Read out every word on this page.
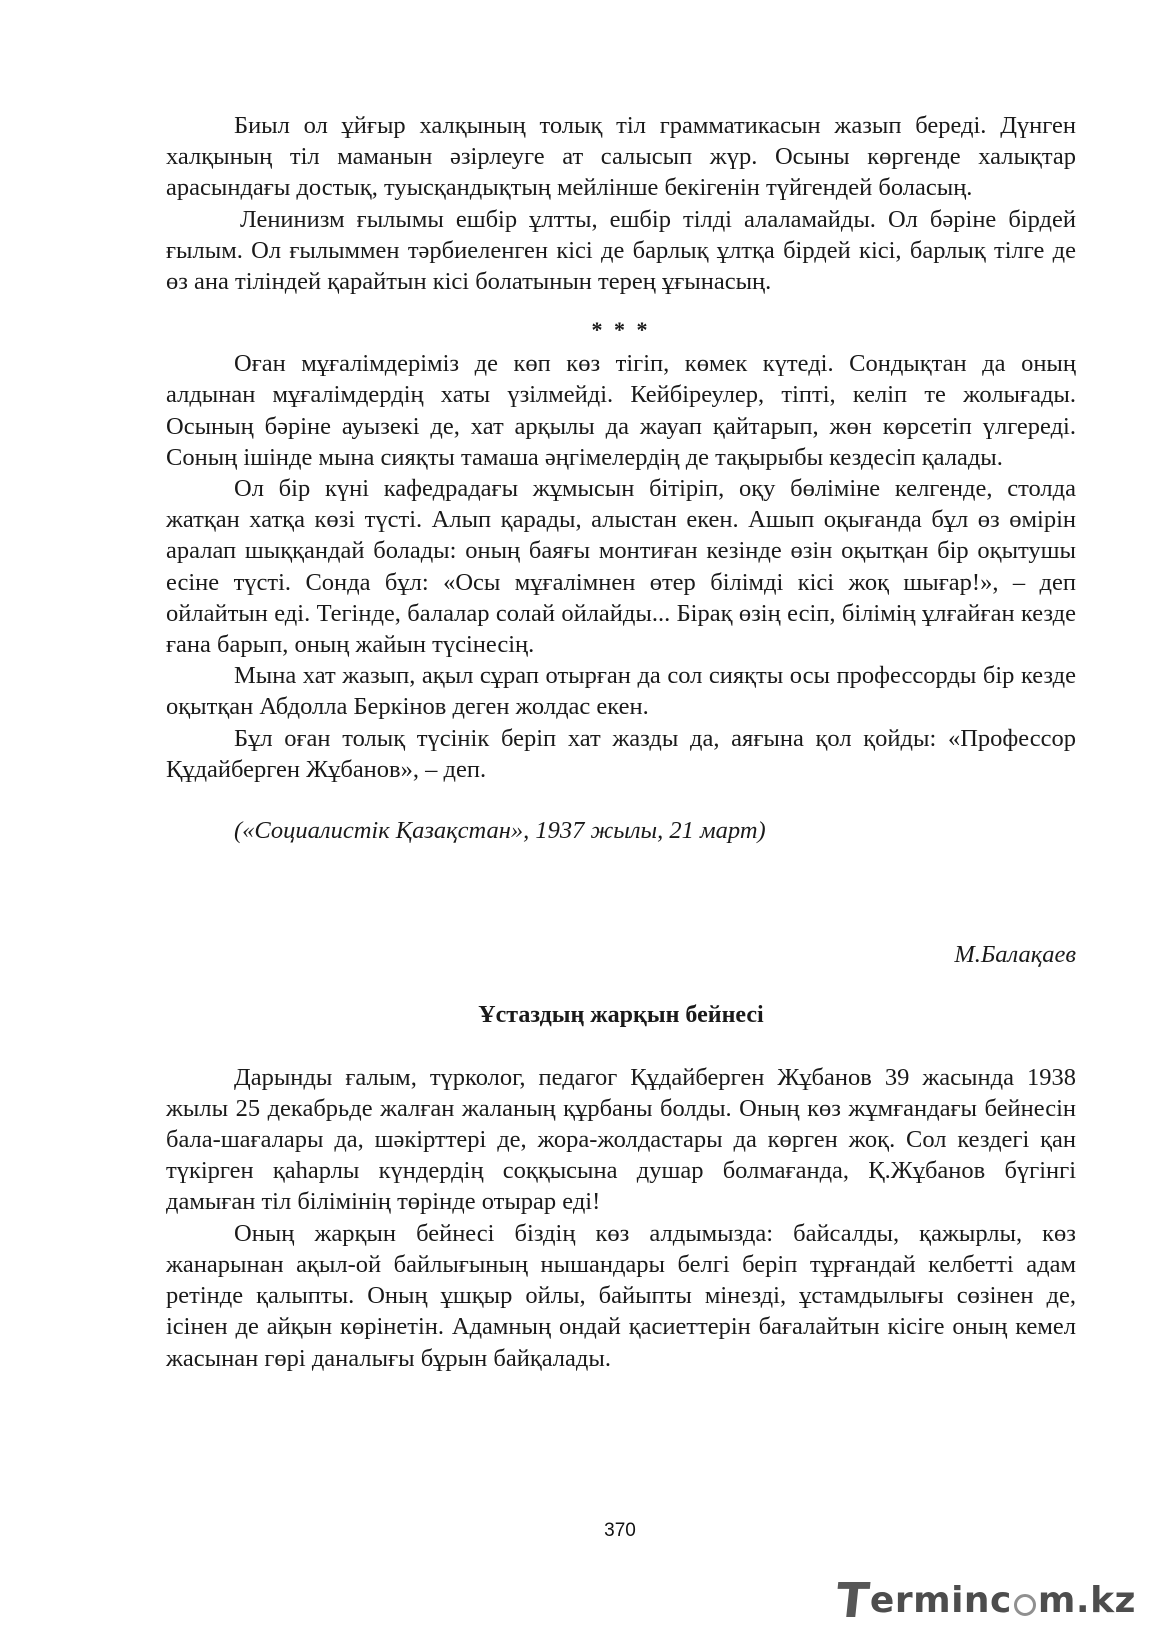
Биыл ол ұйғыр халқының толық тіл грамматикасын жазып береді. Дүнген халқының тіл маманын әзірлеуге ат салысып жүр. Осыны көргенде халықтар арасындағы достық, туысқандықтың мейлінше бекігенін түйгендей боласың.

Ленинизм ғылымы ешбір ұлтты, ешбір тілді алаламайды. Ол бәріне бірдей ғылым. Ол ғылыммен тәрбиеленген кісі де барлық ұлтқа бірдей кісі, барлық тілге де өз ана тіліндей қарайтын кісі болатынын терең ұғынасың.

* * *

Оған мұғалімдеріміз де көп көз тігіп, көмек күтеді. Сондықтан да оның алдынан мұғалімдердің хаты үзілмейді. Кейбіреулер, тіпті, келіп те жолығады. Осының бәріне ауызекі де, хат арқылы да жауап қайтарып, жөн көрсетіп үлгереді. Соның ішінде мына сияқты тамаша әңгімелердің де тақырыбы кездесіп қалады.

Ол бір күні кафедрадағы жұмысын бітіріп, оқу бөліміне келгенде, столда жатқан хатқа көзі түсті. Алып қарады, алыстан екен. Ашып оқығанда бұл өз өмірін аралап шыққандай болады: оның баяғы монтиған кезінде өзін оқытқан бір оқытушы есіне түсті. Сонда бұл: «Осы мұғалімнен өтер білімді кісі жоқ шығар!», – деп ойлайтын еді. Тегінде, балалар солай ойлайды... Бірақ өзің есіп, білімің ұлғайған кезде ғана барып, оның жайын түсінесің.

Мына хат жазып, ақыл сұрап отырған да сол сияқты осы профессорды бір кезде оқытқан Абдолла Беркінов деген жолдас екен.

Бұл оған толық түсінік беріп хат жазды да, аяғына қол қойды: «Профессор Құдайберген Жұбанов», – деп.

(«Социалистік Қазақстан», 1937 жылы, 21 март)

М.Балақаев

Ұстаздың жарқын бейнесі

Дарынды ғалым, түрколог, педагог Құдайберген Жұбанов 39 жасында 1938 жылы 25 декабрьде жалған жаланың құрбаны болды. Оның көз жұмғандағы бейнесін бала-шағалары да, шәкірттері де, жора-жолдастары да көрген жоқ. Сол кездегі қан түкірген қаһарлы күндердің соққысына душар болмағанда, Қ.Жұбанов бүгінгі дамыған тіл білімінің төрінде отырар еді!

Оның жарқын бейнесі біздің көз алдымызда: байсалды, қажырлы, көз жанарынан ақыл-ой байлығының нышандары белгі беріп тұрғандай келбетті адам ретінде қалыпты. Оның ұшқыр ойлы, байыпты мінезді, ұстамдылығы сөзінен де, ісінен де айқын көрінетін. Адамның ондай қасиеттерін бағалайтын кісіге оның кемел жасынан гөрі даналығы бұрын байқалады.

370
T
erminc m.kz
